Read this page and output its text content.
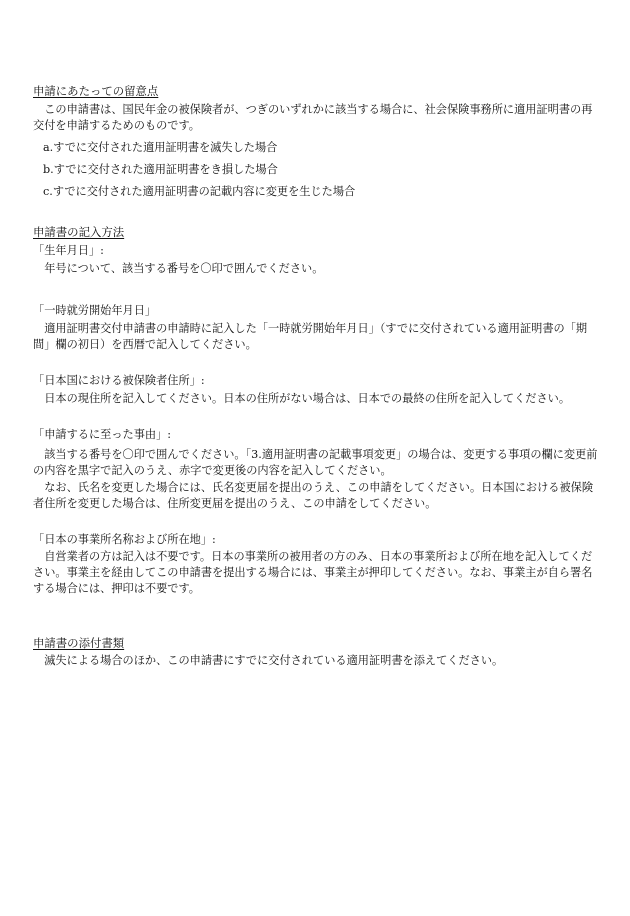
申請にあたっての留意点

この申請書は、国民年金の被保険者が、つぎのいずれかに該当する場合に、社会保険事務所に適用証明書の再交付を申請するためのものです。

a.すでに交付された適用証明書を滅失した場合

b.すでに交付された適用証明書をき損した場合

c.すでに交付された適用証明書の記載内容に変更を生じた場合

申請書の記入方法

「生年月日」:

年号について、該当する番号を〇印で囲んでください。

「一時就労開始年月日」

適用証明書交付申請書の申請時に記入した「一時就労開始年月日」（すでに交付されている適用証明書の「期間」欄の初日）を西暦で記入してください。

「日本国における被保険者住所」:

日本の現住所を記入してください。日本の住所がない場合は、日本での最終の住所を記入してください。

「申請するに至った事由」:

該当する番号を〇印で囲んでください。「3.適用証明書の記載事項変更」の場合は、変更する事項の欄に変更前の内容を黒字で記入のうえ、赤字で変更後の内容を記入してください。

なお、氏名を変更した場合には、氏名変更届を提出のうえ、この申請をしてください。日本国における被保険者住所を変更した場合は、住所変更届を提出のうえ、この申請をしてください。

「日本の事業所名称および所在地」:

自営業者の方は記入は不要です。日本の事業所の被用者の方のみ、日本の事業所および所在地を記入してください。事業主を経由してこの申請書を提出する場合には、事業主が押印してください。なお、事業主が自ら署名する場合には、押印は不要です。

申請書の添付書類

滅失による場合のほか、この申請書にすでに交付されている適用証明書を添えてください。
